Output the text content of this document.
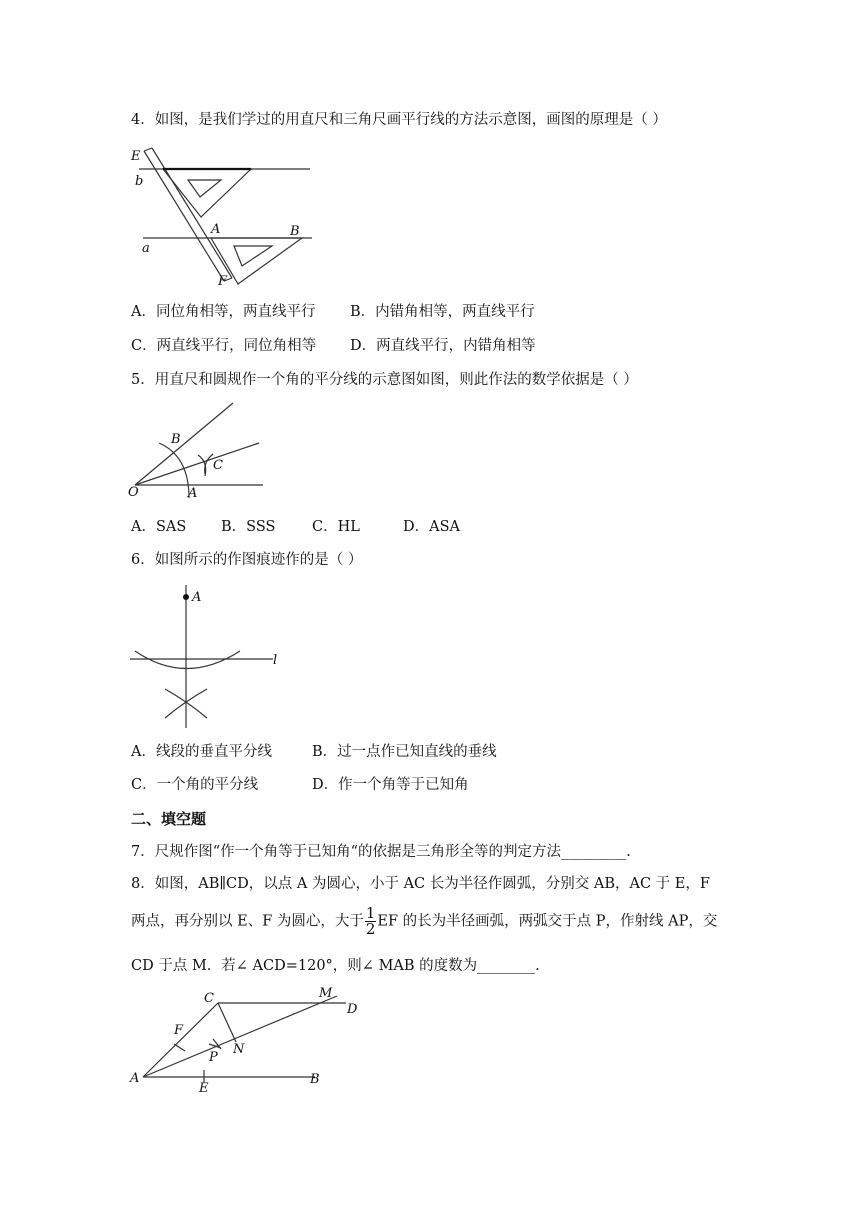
4．如图，是我们学过的用直尺和三角尺画平行线的方法示意图，画图的原理是（ ）
E
b
A	B
a
F
A．同位角相等，两直线平行 B．内错角相等，两直线平行
C．两直线平行，同位角相等 D．两直线平行，内错角相等
5．用直尺和圆规作一个角的平分线的示意图如图，则此作法的数学依据是（ ）
B
C
O	A
A．SAS B．SSS	C．HL	D．ASA
6．如图所示的作图痕迹作的是（ ）
A
l
A．线段的垂直平分线	B．过一点作已知直线的垂线
C．一个角的平分线	D．作一个角等于已知角
二、填空题
7．尺规作图“作一个角等于已知角“的依据是三角形全等的判定方法_________.
8．如图，AB∥CD，以点 A 为圆心，小于 AC 长为半径作圆弧，分别交 AB，AC 于 E，F
两点，再分别以 E、F 为圆心，大于 $\frac{1}{2}$ EF 的长为半径画弧，两弧交于点 P，作射线 AP，交
CD 于点 M．若∠ ACD=120°，则∠ MAB 的度数为________.
C	M
D
F
P
N
A
E
B
